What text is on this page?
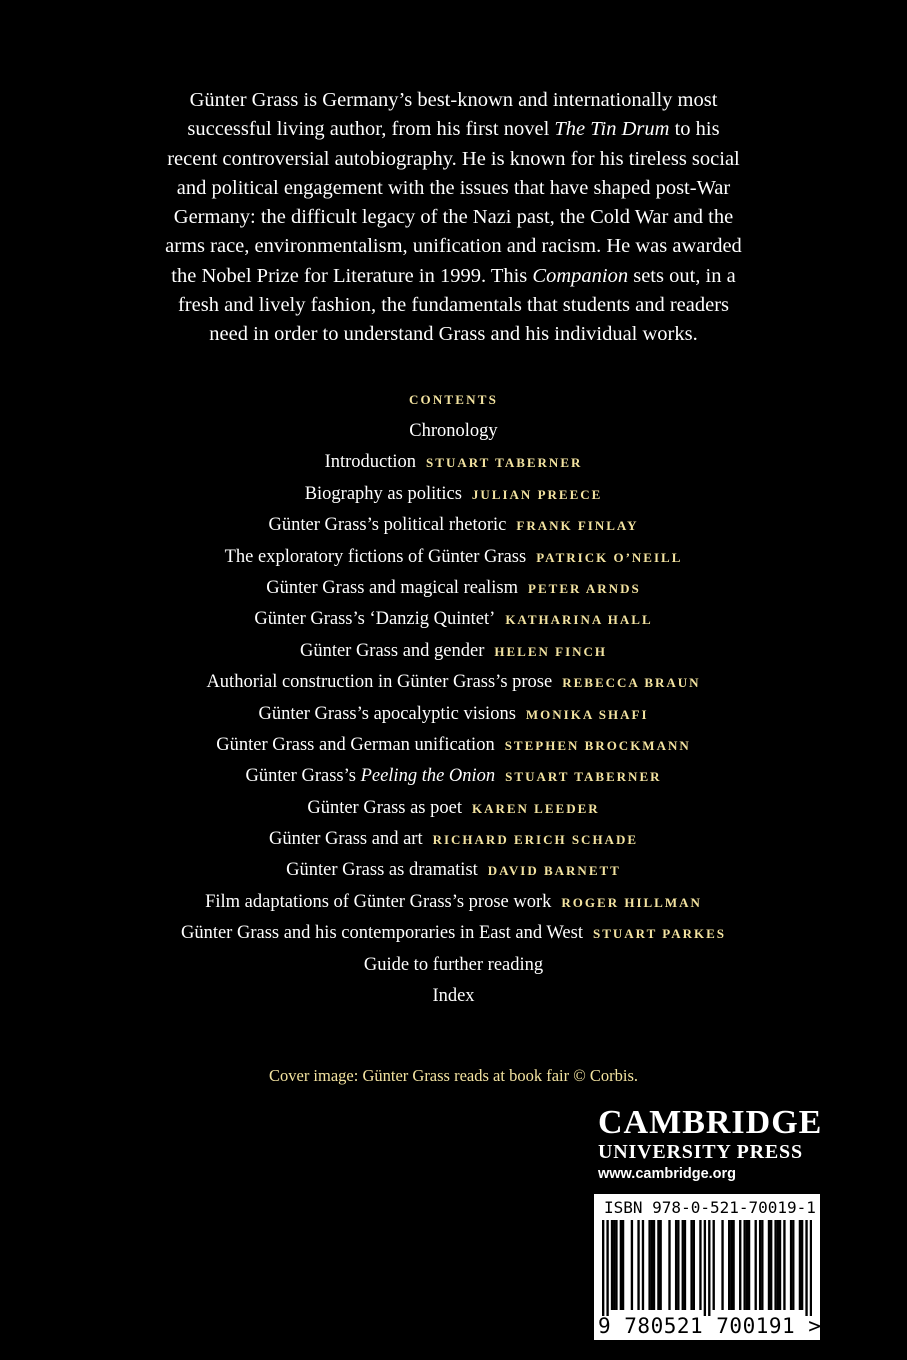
Günter Grass is Germany’s best-known and internationally most
successful living author, from his first novel The Tin Drum to his
recent controversial autobiography. He is known for his tireless social
and political engagement with the issues that have shaped post-War
Germany: the difficult legacy of the Nazi past, the Cold War and the
arms race, environmentalism, unification and racism. He was awarded
the Nobel Prize for Literature in 1999. This Companion sets out, in a
fresh and lively fashion, the fundamentals that students and readers
need in order to understand Grass and his individual works.
CONTENTS
Chronology
Introduction STUART TABERNER
Biography as politics JULIAN PREECE
Günter Grass’s political rhetoric FRANK FINLAY
The exploratory fictions of Günter Grass PATRICK O’NEILL
Günter Grass and magical realism PETER ARNDS
Günter Grass’s ‘Danzig Quintet’ KATHARINA HALL
Günter Grass and gender HELEN FINCH
Authorial construction in Günter Grass’s prose REBECCA BRAUN
Günter Grass’s apocalyptic visions MONIKA SHAFI
Günter Grass and German unification STEPHEN BROCKMANN
Günter Grass’s Peeling the Onion STUART TABERNER
Günter Grass as poet KAREN LEEDER
Günter Grass and art RICHARD ERICH SCHADE
Günter Grass as dramatist DAVID BARNETT
Film adaptations of Günter Grass’s prose work ROGER HILLMAN
Günter Grass and his contemporaries in East and West STUART PARKES
Guide to further reading
Index
Cover image: Günter Grass reads at book fair © Corbis.
CAMBRIDGE
UNIVERSITY PRESS
www.cambridge.org
ISBN 978-0-521-70019-1
9 780521 700191 >
